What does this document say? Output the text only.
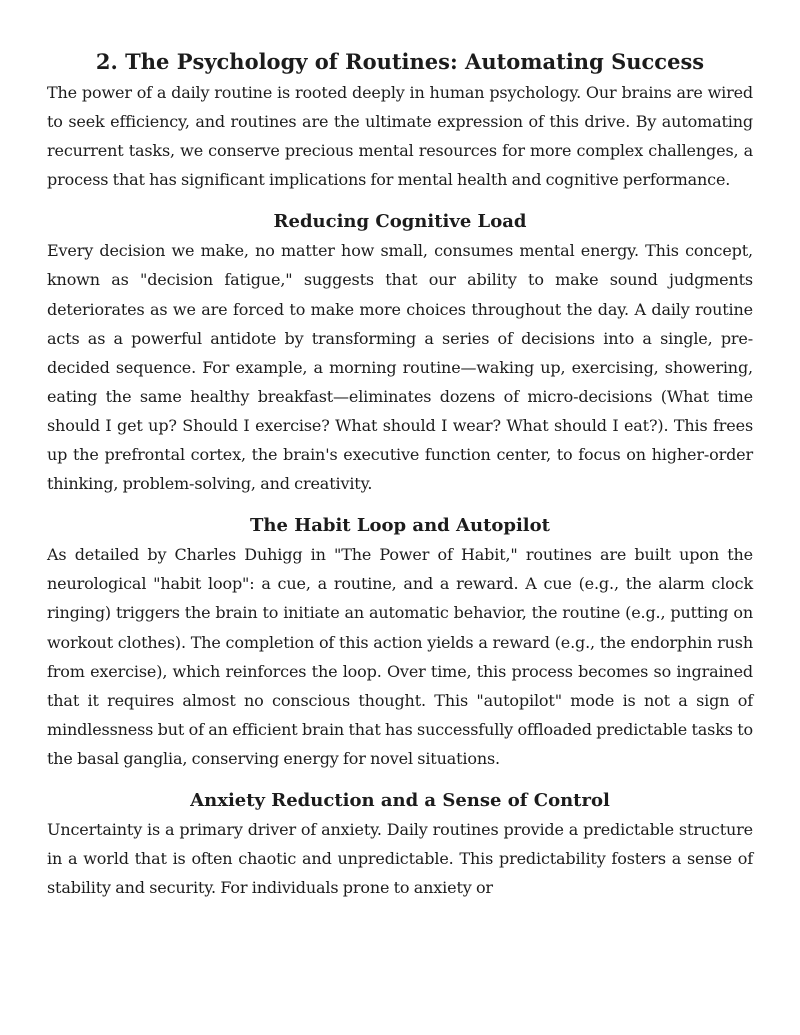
2. The Psychology of Routines: Automating Success

The power of a daily routine is rooted deeply in human psychology. Our brains are wired to seek efficiency, and routines are the ultimate expression of this drive. By automating recurrent tasks, we conserve precious mental resources for more complex challenges, a process that has significant implications for mental health and cognitive performance.

Reducing Cognitive Load

Every decision we make, no matter how small, consumes mental energy. This concept, known as "decision fatigue," suggests that our ability to make sound judgments deteriorates as we are forced to make more choices throughout the day. A daily routine acts as a powerful antidote by transforming a series of decisions into a single, pre-decided sequence. For example, a morning routine—waking up, exercising, showering, eating the same healthy breakfast—eliminates dozens of micro-decisions (What time should I get up? Should I exercise? What should I wear? What should I eat?). This frees up the prefrontal cortex, the brain's executive function center, to focus on higher-order thinking, problem-solving, and creativity.

The Habit Loop and Autopilot

As detailed by Charles Duhigg in "The Power of Habit," routines are built upon the neurological "habit loop": a cue, a routine, and a reward. A cue (e.g., the alarm clock ringing) triggers the brain to initiate an automatic behavior, the routine (e.g., putting on workout clothes). The completion of this action yields a reward (e.g., the endorphin rush from exercise), which reinforces the loop. Over time, this process becomes so ingrained that it requires almost no conscious thought. This "autopilot" mode is not a sign of mindlessness but of an efficient brain that has successfully offloaded predictable tasks to the basal ganglia, conserving energy for novel situations.

Anxiety Reduction and a Sense of Control

Uncertainty is a primary driver of anxiety. Daily routines provide a predictable structure in a world that is often chaotic and unpredictable. This predictability fosters a sense of stability and security. For individuals prone to anxiety or
